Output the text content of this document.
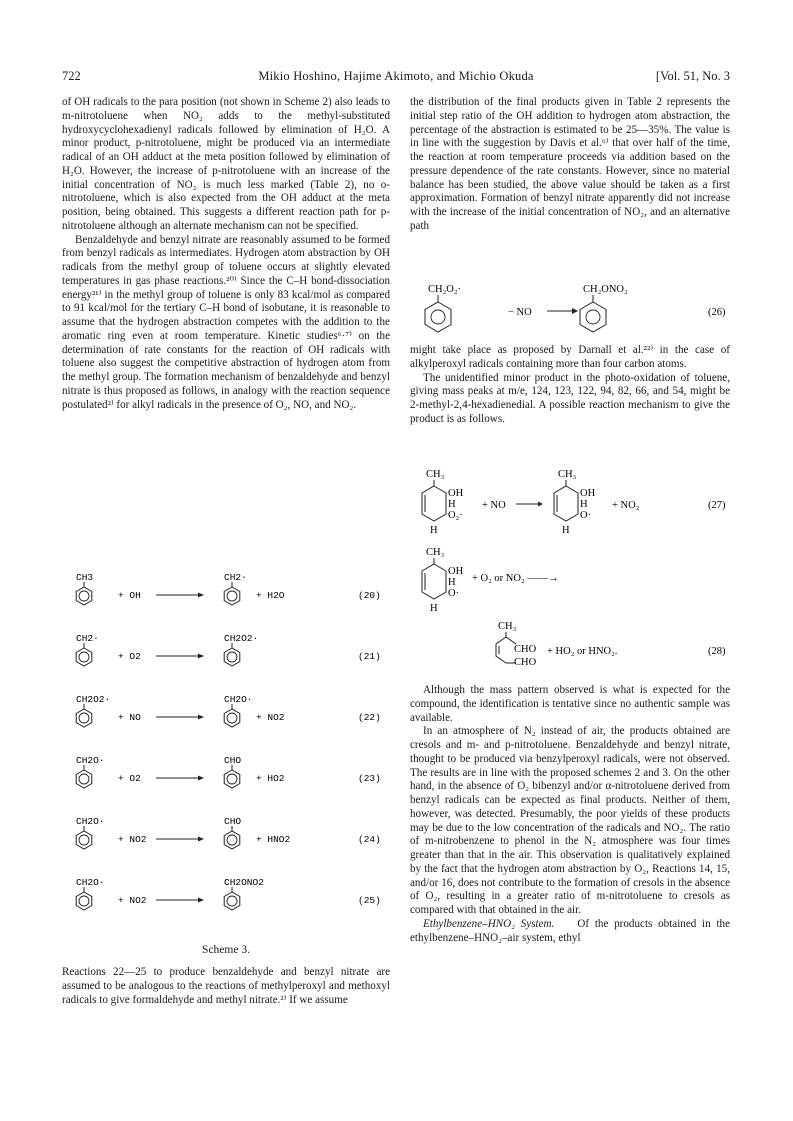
722	Mikio Hoshino, Hajime Akimoto, and Michio Okuda	[Vol. 51, No. 3

of OH radicals to the para position (not shown in Scheme 2) also leads to m-nitrotoluene when NO₂ adds to the methyl-substituted hydroxycyclohexadienyl radicals followed by elimination of H₂O. A minor product, p-nitrotoluene, might be produced via an intermediate radical of an OH adduct at the meta position followed by elimination of H₂O. However, the increase of p-nitrotoluene with an increase of the initial concentration of NO₂ is much less marked (Table 2), no o-nitrotoluene, which is also expected from the OH adduct at the meta position, being obtained. This suggests a different reaction path for p-nitrotoluene although an alternate mechanism can not be specified.

Benzaldehyde and benzyl nitrate are reasonably assumed to be formed from benzyl radicals as intermediates. Hydrogen atom abstraction by OH radicals from the methyl group of toluene occurs at slightly elevated temperatures in gas phase reactions.²⁰⁾ Since the C–H bond-dissociation energy²¹⁾ in the methyl group of toluene is only 83 kcal/mol as compared to 91 kcal/mol for the tertiary C–H bond of isobutane, it is reasonable to assume that the hydrogen abstraction competes with the addition to the aromatic ring even at room temperature. Kinetic studies⁶·⁷⁾ on the determination of rate constants for the reaction of OH radicals with toluene also suggest the competitive abstraction of hydrogen atom from the methyl group. The formation mechanism of benzaldehyde and benzyl nitrate is thus proposed as follows, in analogy with the reaction sequence postulated²⁾ for alkyl radicals in the presence of O₂, NO, and NO₂.

CH3
+ OH
CH2·
+ H2O	(20)
CH2·
+ O2
CH2O2·
(21)
CH2O2·
+ NO
CH2O·
+ NO2	(22)
CH2O·
+ O2
CHO
+ HO2	(23)
CH2O·
+ NO2
CHO
+ HNO2	(24)
CH2O·
+ NO2
CH2ONO2
(25)
Scheme 3.

Reactions 22—25 to produce benzaldehyde and benzyl nitrate are assumed to be analogous to the reactions of methylperoxyl and methoxyl radicals to give formaldehyde and methyl nitrate.²⁾ If we assume

the distribution of the final products given in Table 2 represents the initial step ratio of the OH addition to hydrogen atom abstraction, the percentage of the abstraction is estimated to be 25—35%. The value is in line with the suggestion by Davis et al.⁶⁾ that over half of the time, the reaction at room temperature proceeds via addition based on the pressure dependence of the rate constants. However, since no material balance has been studied, the above value should be taken as a first approximation. Formation of benzyl nitrate apparently did not increase with the increase of the initial concentration of NO₂, and an alternative path

CH₂O₂·
− NO
CH₂ONO₂
(26)

might take place as proposed by Darnall et al.²²⁾ in the case of alkylperoxyl radicals containing more than four carbon atoms.

The unidentified minor product in the photo-oxidation of toluene, giving mass peaks at m/e, 124, 123, 122, 94, 82, 66, and 54, might be 2-methyl-2,4-hexadienedial. A possible reaction mechanism to give the product is as follows.

CH₃
OH
H
O₂·
H
+ NO
CH₃
OH
H
O·
H
+ NO₂	(27)
CH₃
OH
H
O·
H
+ O₂ or NO₂ ——→
CH₃
CHO
CHO
+ HO₂ or HNO₂.	(28)

Although the mass pattern observed is what is expected for the compound, the identification is tentative since no authentic sample was available.

In an atmosphere of N₂ instead of air, the products obtained are cresols and m- and p-nitrotoluene. Benzaldehyde and benzyl nitrate, thought to be produced via benzylperoxyl radicals, were not observed. The results are in line with the proposed schemes 2 and 3. On the other hand, in the absence of O₂ bibenzyl and/or α-nitrotoluene derived from benzyl radicals can be expected as final products. Neither of them, however, was detected. Presumably, the poor yields of these products may be due to the low concentration of the radicals and NO₂. The ratio of m-nitrobenzene to phenol in the N₂ atmosphere was four times greater than that in the air. This observation is qualitatively explained by the fact that the hydrogen atom abstraction by O₂, Reactions 14, 15, and/or 16, does not contribute to the formation of cresols in the absence of O₂, resulting in a greater ratio of m-nitrotoluene to cresols as compared with that obtained in the air.

Ethylbenzene–HNO₂ System. Of the products obtained in the ethylbenzene–HNO₂–air system, ethyl
